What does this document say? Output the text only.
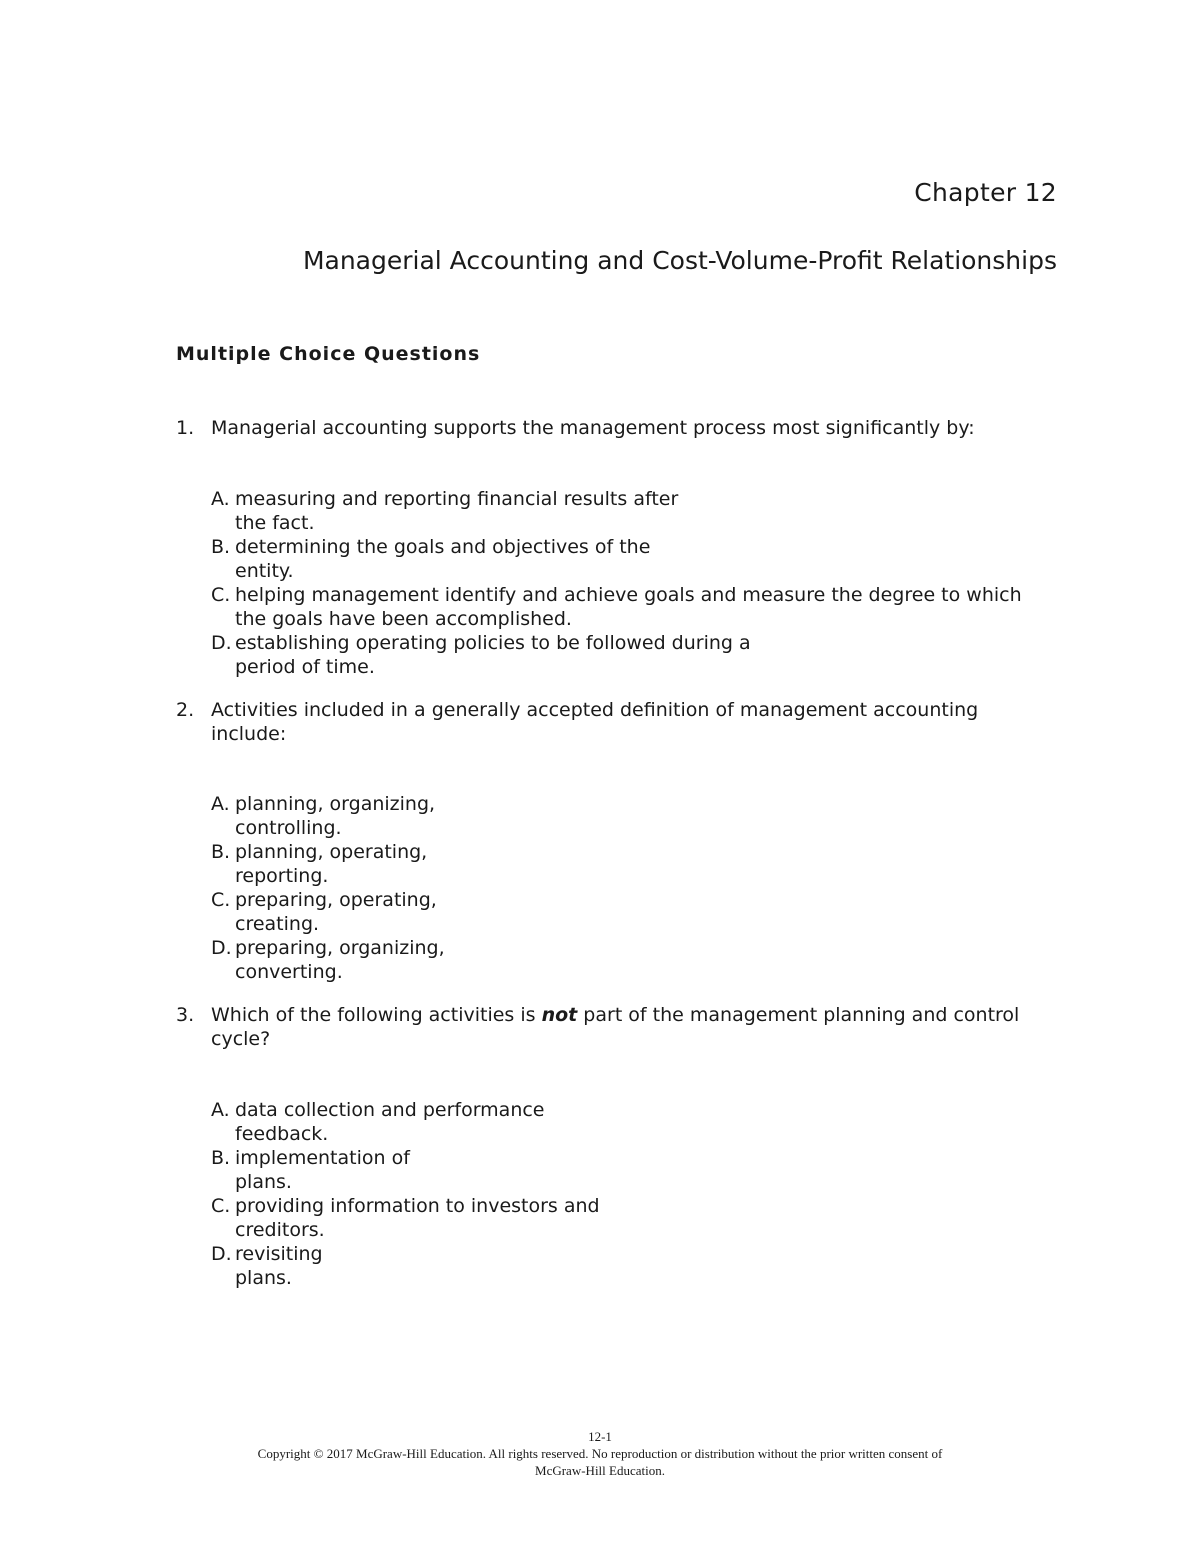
Chapter 12
Managerial Accounting and Cost-Volume-Profit Relationships
Multiple Choice Questions
1. Managerial accounting supports the management process most significantly by:
A. measuring and reporting financial results after
the fact.
B. determining the goals and objectives of the
entity.
C. helping management identify and achieve goals and measure the degree to which
the goals have been accomplished.
D. establishing operating policies to be followed during a
period of time.
2. Activities included in a generally accepted definition of management accounting include:
A. planning, organizing,
controlling.
B. planning, operating,
reporting.
C. preparing, operating,
creating.
D. preparing, organizing,
converting.
3. Which of the following activities is not part of the management planning and control cycle?
A. data collection and performance
feedback.
B. implementation of
plans.
C. providing information to investors and
creditors.
D. revisiting
plans.
12-1
Copyright © 2017 McGraw-Hill Education. All rights reserved. No reproduction or distribution without the prior written consent of
McGraw-Hill Education.
